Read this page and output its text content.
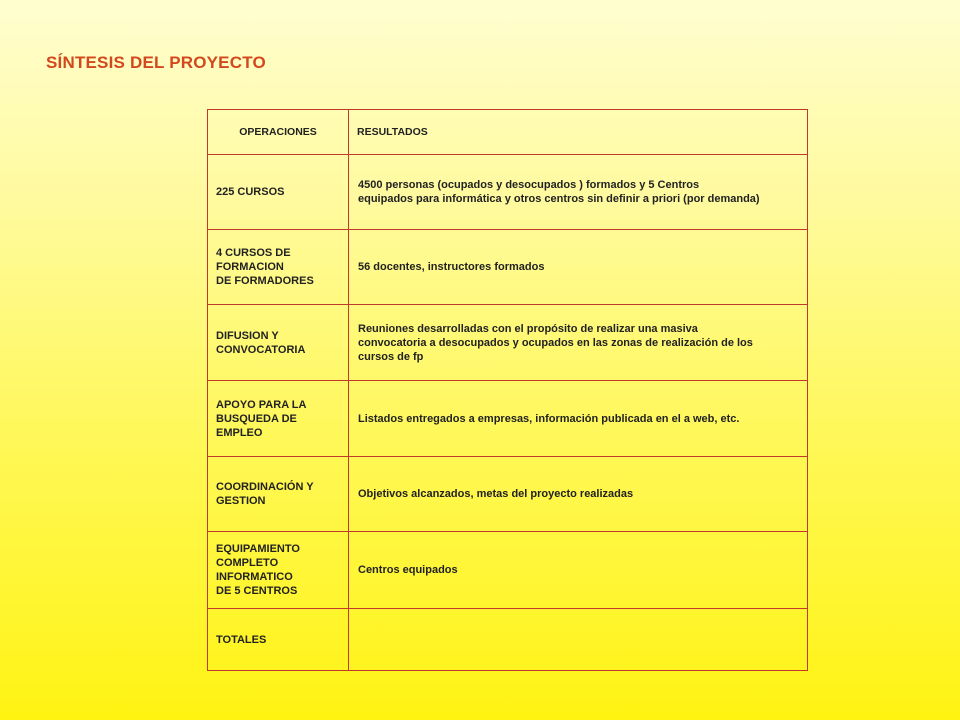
SÍNTESIS DEL PROYECTO
OPERACIONES	RESULTADOS
225 CURSOS	4500 personas (ocupados y desocupados ) formados y 5 Centros
equipados para informática y otros centros sin definir a priori (por demanda)
4 CURSOS DE
FORMACION
DE FORMADORES	56 docentes, instructores formados
DIFUSION Y
CONVOCATORIA	Reuniones desarrolladas con el propósito de realizar una masiva
convocatoria a desocupados y ocupados en las zonas de realización de los
cursos de fp
APOYO PARA LA
BUSQUEDA DE
EMPLEO	Listados entregados a empresas, información publicada en el a web, etc.
COORDINACIÓN Y
GESTION	Objetivos alcanzados, metas del proyecto realizadas
EQUIPAMIENTO
COMPLETO
INFORMATICO
DE 5 CENTROS	Centros equipados
TOTALES	
